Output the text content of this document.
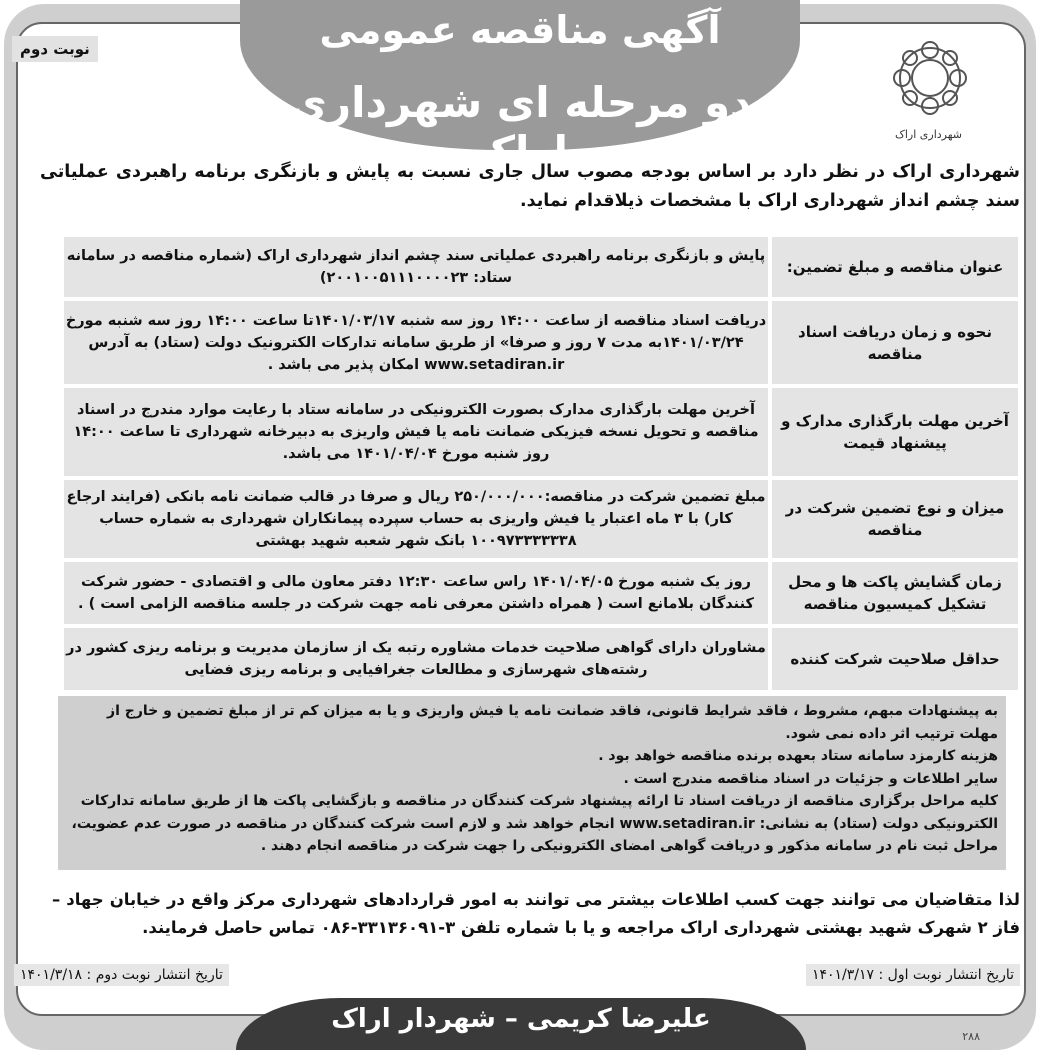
آگهی مناقصه عمومی
دو مرحله ای شهرداری اراک
نوبت دوم
شهرداری اراک
شهرداری اراک در نظر دارد بر اساس بودجه مصوب سال جاری نسبت به پایش و بازنگری برنامه راهبردی عملیاتی سند چشم انداز شهرداری اراک با مشخصات ذیلاقدام نماید.
عنوان مناقصه و مبلغ تضمین:	پایش و بازنگری برنامه راهبردی عملیاتی سند چشم انداز شهرداری اراک (شماره مناقصه در سامانه ستاد: ۲۰۰۱۰۰۵۱۱۱۰۰۰۰۲۳)
نحوه و زمان دریافت اسناد مناقصه	دریافت اسناد مناقصه از ساعت ۱۴:۰۰ روز سه شنبه ۱۴۰۱/۰۳/۱۷تا ساعت ۱۴:۰۰ روز سه شنبه مورخ ۱۴۰۱/۰۳/۲۴به مدت ۷ روز و صرفا» از طریق سامانه تدارکات الکترونیک دولت (ستاد) به آدرس www.setadiran.ir امکان پذیر می باشد .
آخرین مهلت بارگذاری مدارک و پیشنهاد قیمت	آخرین مهلت بارگذاری مدارک بصورت الکترونیکی در سامانه ستاد با رعایت موارد مندرج در اسناد مناقصه و تحویل نسخه فیزیکی ضمانت نامه یا فیش واریزی به دبیرخانه شهرداری تا ساعت ۱۴:۰۰ روز شنبه مورخ ۱۴۰۱/۰۴/۰۴ می باشد.
میزان و نوع تضمین شرکت در مناقصه	مبلغ تضمین شرکت در مناقصه:۲۵۰/۰۰۰/۰۰۰ ریال و صرفا در قالب ضمانت نامه بانکی (فرایند ارجاع کار) با ۳ ماه اعتبار یا فیش واریزی به حساب سپرده پیمانکاران شهرداری به شماره حساب ۱۰۰۹۷۳۳۳۳۳۳۸ بانک شهر شعبه شهید بهشتی
زمان گشایش پاکت ها و محل تشکیل کمیسیون مناقصه	روز یک شنبه مورخ ۱۴۰۱/۰۴/۰۵ راس ساعت ۱۲:۳۰ دفتر معاون مالی و اقتصادی - حضور شرکت کنندگان بلامانع است ( همراه داشتن معرفی نامه جهت شرکت در جلسه مناقصه الزامی است ) .
حداقل صلاحیت شرکت کننده	مشاوران دارای گواهی صلاحیت خدمات مشاوره رتبه یک از سازمان مدیریت و برنامه ریزی کشور در رشته‌های شهرسازی و مطالعات جغرافیایی و برنامه ریزی فضایی

به پیشنهادات مبهم، مشروط ، فاقد شرایط قانونی، فاقد ضمانت نامه یا فیش واریزی و یا به میزان کم تر از مبلغ تضمین و خارج از مهلت ترتیب اثر داده نمی شود.

هزینه کارمزد سامانه ستاد بعهده برنده مناقصه خواهد بود .

سایر اطلاعات و جزئیات در اسناد مناقصه مندرج است .

کلیه مراحل برگزاری مناقصه از دریافت اسناد تا ارائه پیشنهاد شرکت کنندگان در مناقصه و بازگشایی پاکت ها از طریق سامانه تدارکات الکترونیکی دولت (ستاد) به نشانی: www.setadiran.ir انجام خواهد شد و لازم است شرکت کنندگان در مناقصه در صورت عدم عضویت، مراحل ثبت نام در سامانه مذکور و دریافت گواهی امضای الکترونیکی را جهت شرکت در مناقصه انجام دهند .

لذا متقاضیان می توانند جهت کسب اطلاعات بیشتر می توانند به امور قراردادهای شهرداری مرکز واقع در خیابان جهاد –فاز ۲ شهرک شهید بهشتی شهرداری اراک مراجعه و یا با شماره تلفن ۳-۳۳۱۳۶۰۹۱-۰۸۶ تماس حاصل فرمایند.
تاریخ انتشار نوبت اول : ۱۴۰۱/۳/۱۷
تاریخ انتشار نوبت دوم : ۱۴۰۱/۳/۱۸
علیرضا کریمی – شهردار اراک
۲۸۸
